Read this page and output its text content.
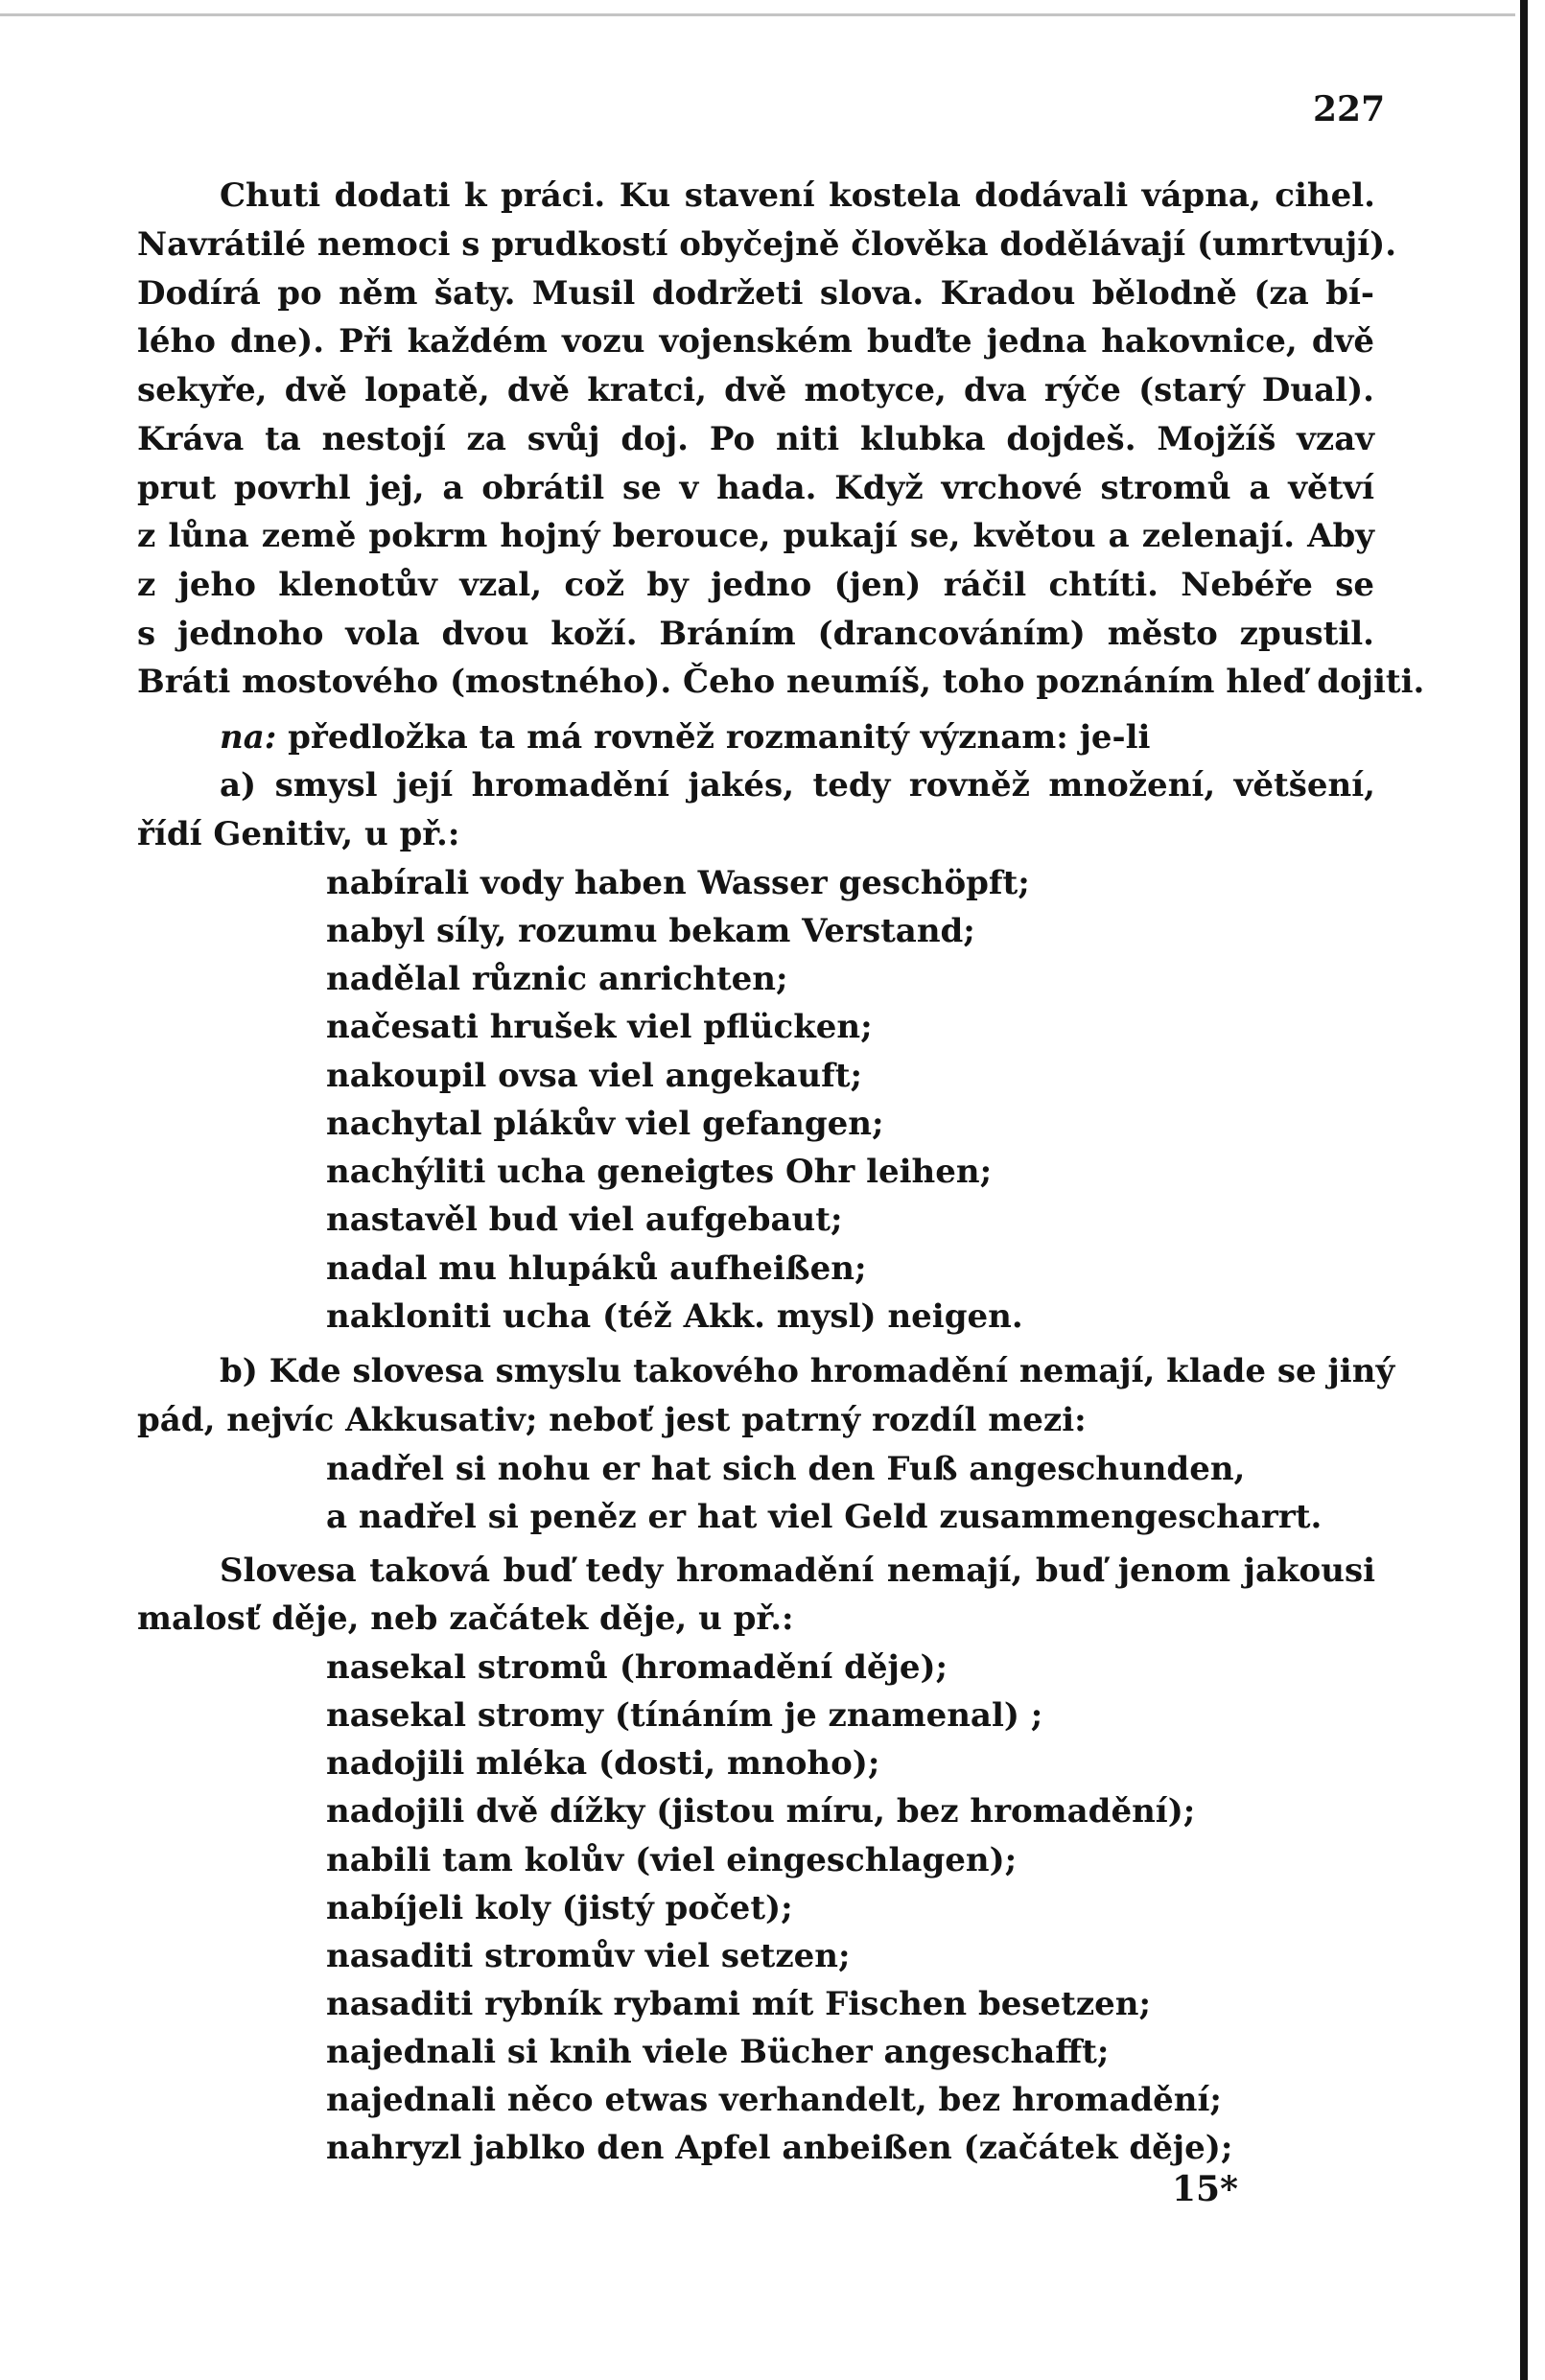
227
Chuti dodati k práci. Ku stavení kostela dodávali vápna, cihel.
Navrátilé nemoci s prudkostí obyčejně člověka dodělávají (umrtvují).
Dodírá po něm šaty. Musil dodržeti slova. Kradou bělodně (za bí-
lého dne). Při každém vozu vojenském buďte jedna hakovnice, dvě
sekyře, dvě lopatě, dvě kratci, dvě motyce, dva rýče (starý Dual).
Kráva ta nestojí za svůj doj. Po niti klubka dojdeš. Mojžíš vzav
prut povrhl jej, a obrátil se v hada. Když vrchové stromů a větví
z lůna země pokrm hojný berouce, pukají se, květou a zelenají. Aby
z jeho klenotův vzal, což by jedno (jen) ráčil chtíti. Nebéře se
s jednoho vola dvou koží. Bráním (drancováním) město zpustil.
Bráti mostového (mostného). Čeho neumíš, toho poznáním hleď dojiti.
na: předložka ta má rovněž rozmanitý význam: je-li
a) smysl její hromadění jakés, tedy rovněž množení, většení,
řídí Genitiv, u př.:
nabírali vody haben Wasser geschöpft;
nabyl síly, rozumu bekam Verstand;
nadělal různic anrichten;
načesati hrušek viel pflücken;
nakoupil ovsa viel angekauft;
nachytal plákův viel gefangen;
nachýliti ucha geneigtes Ohr leihen;
nastavěl bud viel aufgebaut;
nadal mu hlupáků aufheißen;
nakloniti ucha (též Akk. mysl) neigen.
b) Kde slovesa smyslu takového hromadění nemají, klade se jiný
pád, nejvíc Akkusativ; neboť jest patrný rozdíl mezi:
nadřel si nohu er hat sich den Fuß angeschunden,
a nadřel si peněz er hat viel Geld zusammengescharrt.
Slovesa taková buď tedy hromadění nemají, buď jenom jakousi
malosť děje, neb začátek děje, u př.:
nasekal stromů (hromadění děje);
nasekal stromy (tínáním je znamenal) ;
nadojili mléka (dosti, mnoho);
nadojili dvě dížky (jistou míru, bez hromadění);
nabili tam kolův (viel eingeschlagen);
nabíjeli koly (jistý počet);
nasaditi stromův viel setzen;
nasaditi rybník rybami mít Fischen besetzen;
najednali si knih viele Bücher angeschafft;
najednali něco etwas verhandelt, bez hromadění;
nahryzl jablko den Apfel anbeißen (začátek děje);
15*
